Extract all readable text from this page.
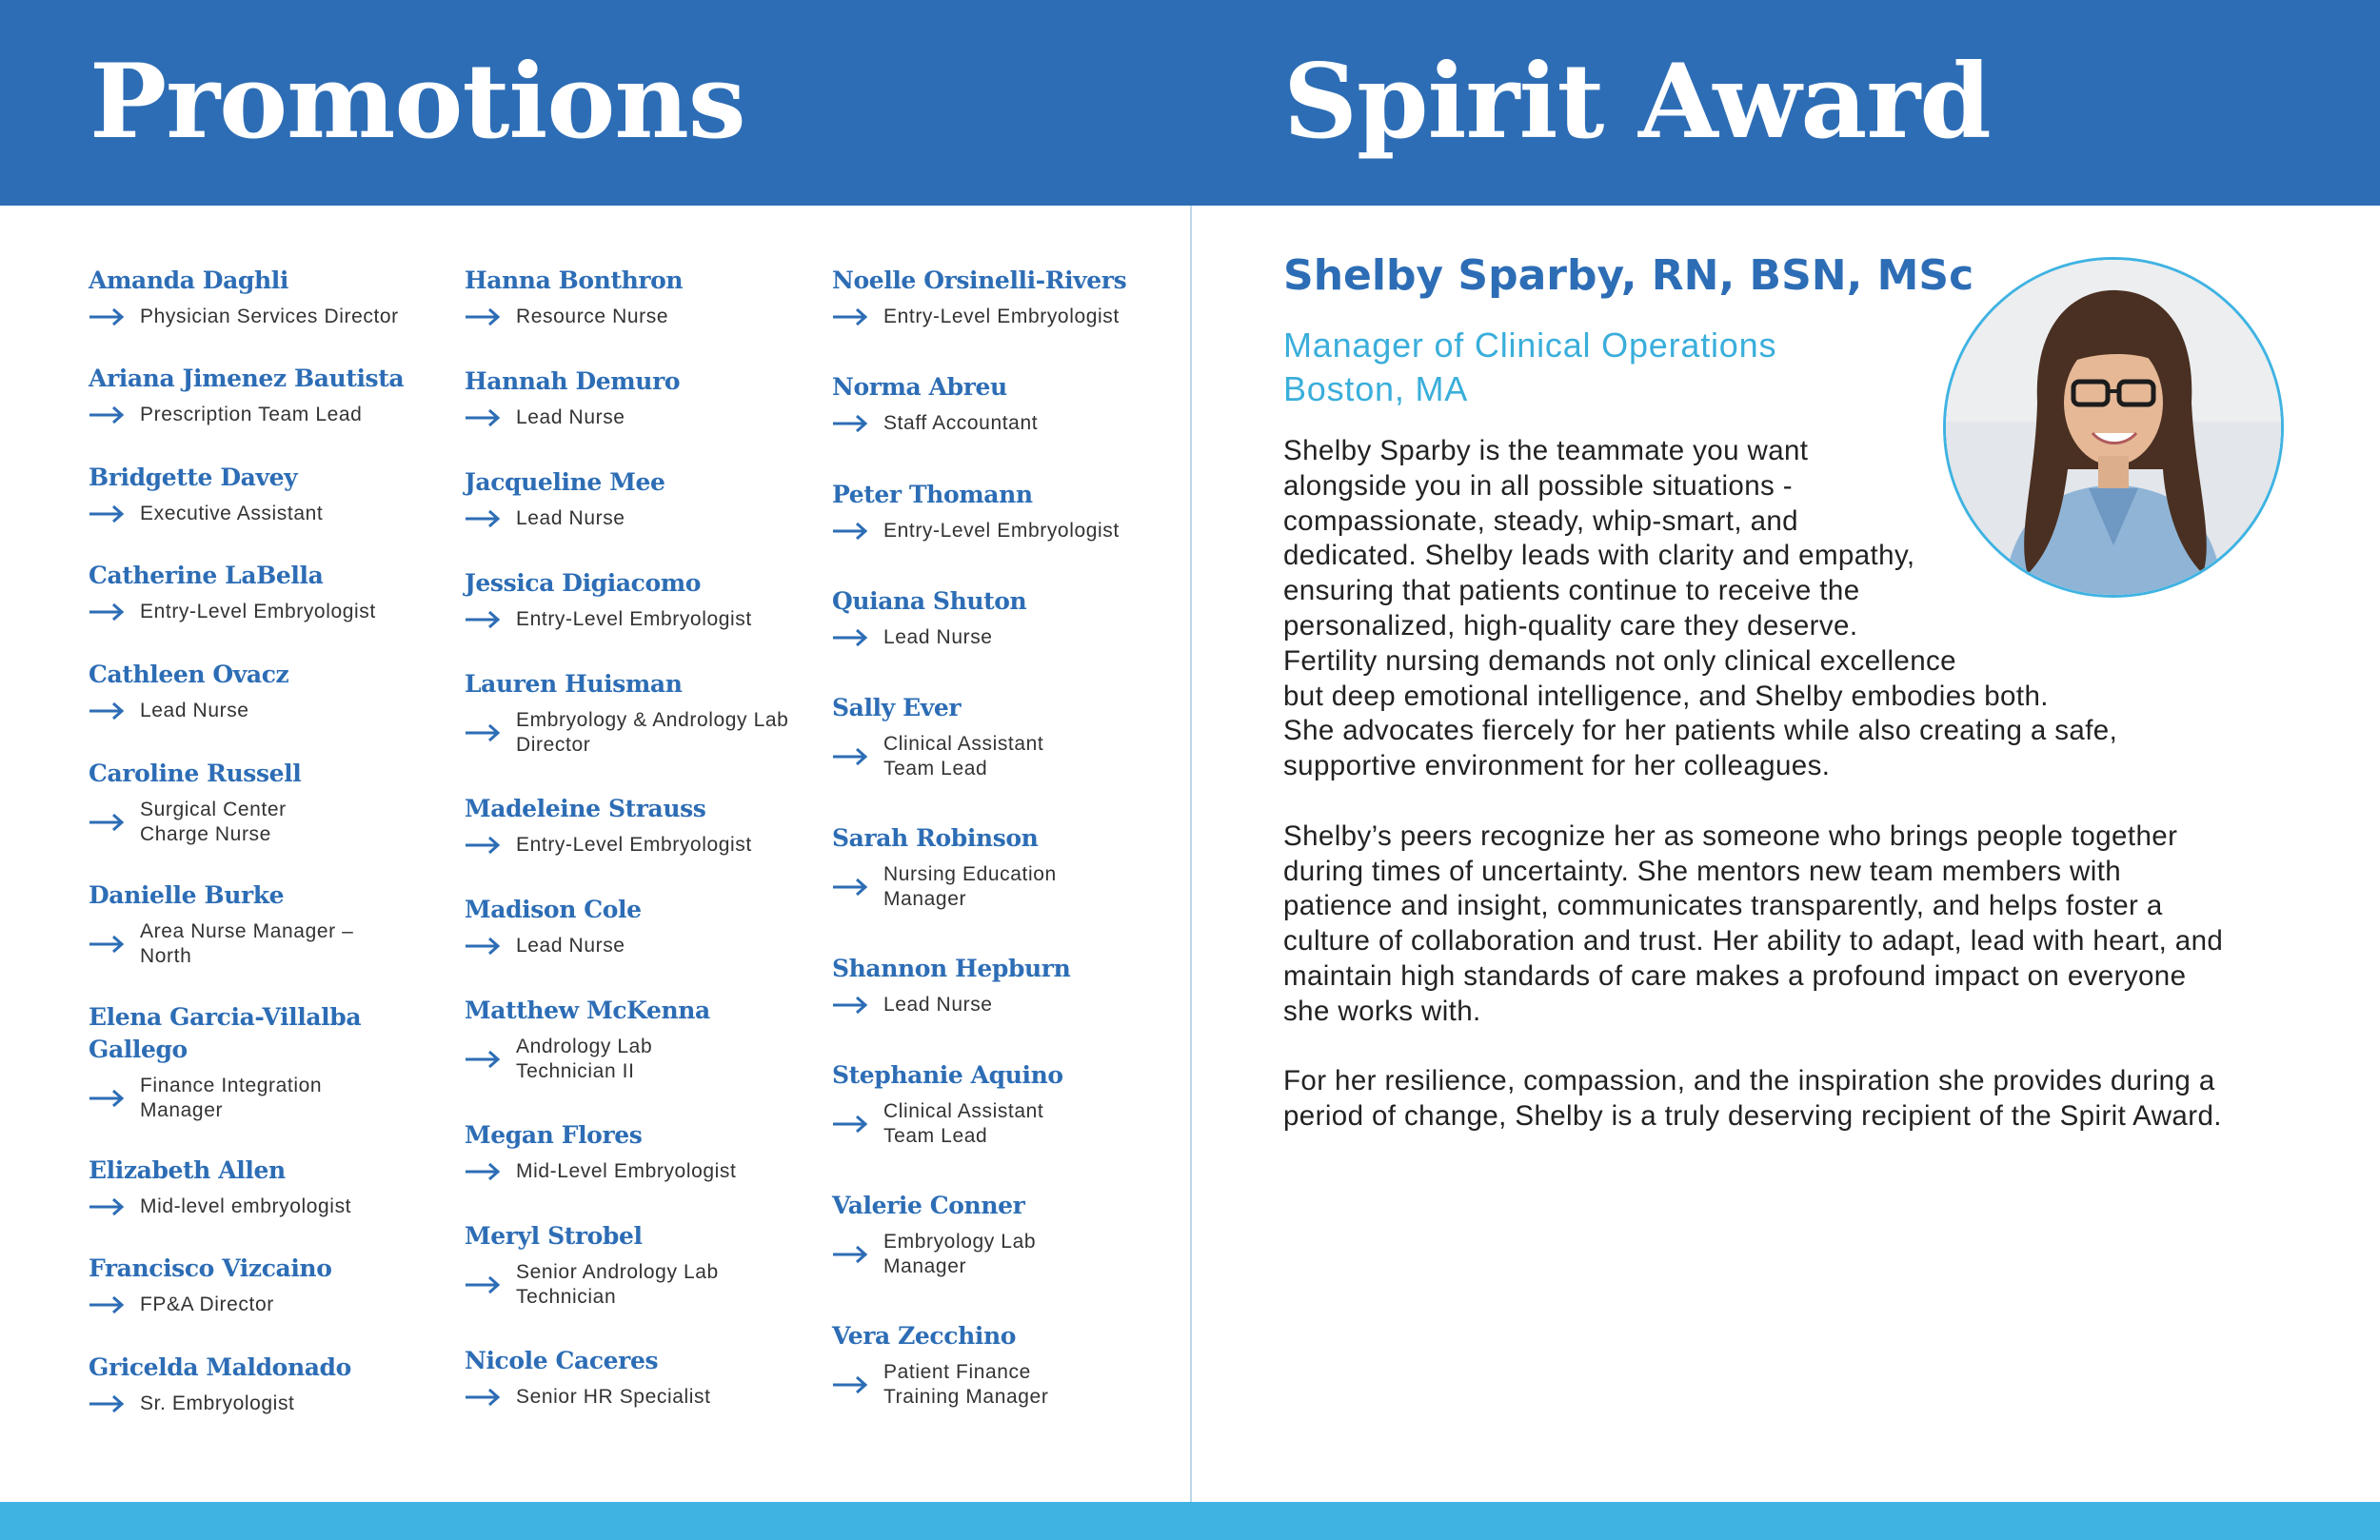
Promotions	Spirit Award
Amanda Daghli
Physician Services Director
Ariana Jimenez Bautista
Prescription Team Lead
Bridgette Davey
Executive Assistant
Catherine LaBella
Entry-Level Embryologist
Cathleen Ovacz
Lead Nurse
Caroline Russell
Surgical Center Charge Nurse
Danielle Burke
Area Nurse Manager – North
Elena Garcia-Villalba Gallego
Finance Integration Manager
Elizabeth Allen
Mid-level embryologist
Francisco Vizcaino
FP&A Director
Gricelda Maldonado
Sr. Embryologist
Hanna Bonthron
Resource Nurse
Hannah Demuro
Lead Nurse
Jacqueline Mee
Lead Nurse
Jessica Digiacomo
Entry-Level Embryologist
Lauren Huisman
Embryology & Andrology Lab Director
Madeleine Strauss
Entry-Level Embryologist
Madison Cole
Lead Nurse
Matthew McKenna
Andrology Lab Technician II
Megan Flores
Mid-Level Embryologist
Meryl Strobel
Senior Andrology Lab Technician
Nicole Caceres
Senior HR Specialist
Noelle Orsinelli-Rivers
Entry-Level Embryologist
Norma Abreu
Staff Accountant
Peter Thomann
Entry-Level Embryologist
Quiana Shuton
Lead Nurse
Sally Ever
Clinical Assistant Team Lead
Sarah Robinson
Nursing Education Manager
Shannon Hepburn
Lead Nurse
Stephanie Aquino
Clinical Assistant Team Lead
Valerie Conner
Embryology Lab Manager
Vera Zecchino
Patient Finance Training Manager
Shelby Sparby, RN, BSN, MSc
Manager of Clinical Operations
Boston, MA

Shelby Sparby is the teammate you want alongside you in all possible situations - compassionate, steady, whip-smart, and dedicated. Shelby leads with clarity and empathy, ensuring that patients continue to receive the personalized, high-quality care they deserve. Fertility nursing demands not only clinical excellence but deep emotional intelligence, and Shelby embodies both. She advocates fiercely for her patients while also creating a safe, supportive environment for her colleagues.

Shelby’s peers recognize her as someone who brings people together during times of uncertainty. She mentors new team members with patience and insight, communicates transparently, and helps foster a culture of collaboration and trust. Her ability to adapt, lead with heart, and maintain high standards of care makes a profound impact on everyone she works with.

For her resilience, compassion, and the inspiration she provides during a period of change, Shelby is a truly deserving recipient of the Spirit Award.
